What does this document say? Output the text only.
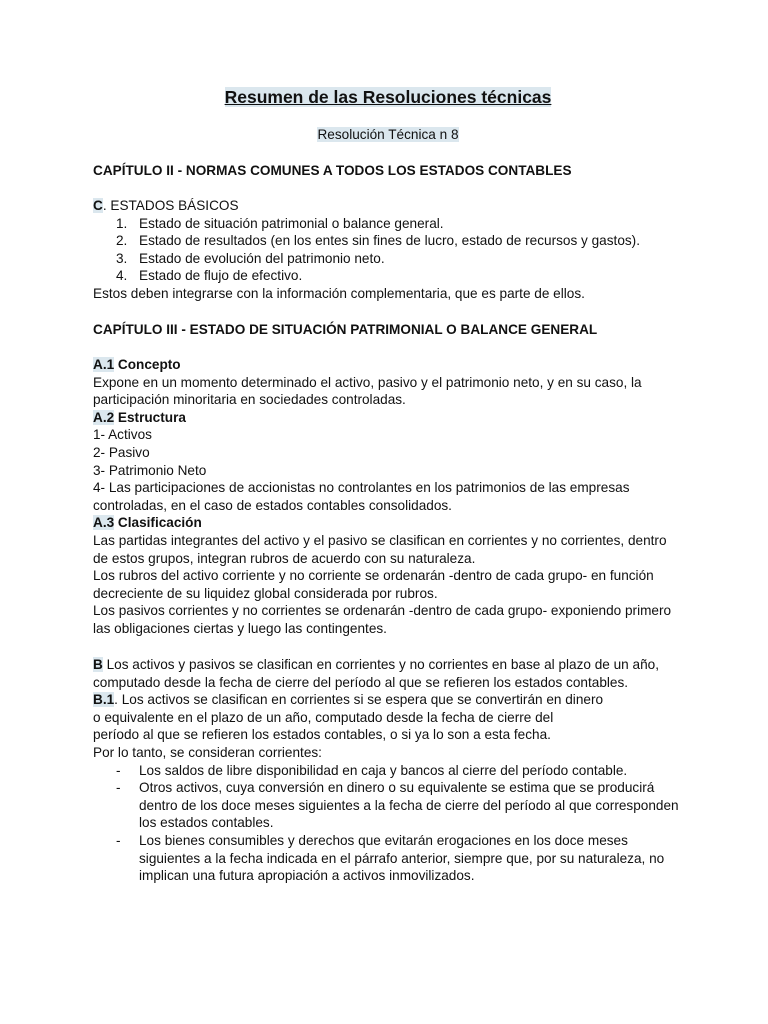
Resumen de las Resoluciones técnicas
Resolución Técnica n 8

CAPÍTULO II - NORMAS COMUNES A TODOS LOS ESTADOS CONTABLES

C. ESTADOS BÁSICOS

1. Estado de situación patrimonial o balance general.
2. Estado de resultados (en los entes sin fines de lucro, estado de recursos y gastos).
3. Estado de evolución del patrimonio neto.
4. Estado de flujo de efectivo.

Estos deben integrarse con la información complementaria, que es parte de ellos.

CAPÍTULO III - ESTADO DE SITUACIÓN PATRIMONIAL O BALANCE GENERAL

A.1 Concepto

Expone en un momento determinado el activo, pasivo y el patrimonio neto, y en su caso, la participación minoritaria en sociedades controladas.

A.2 Estructura

1- Activos

2- Pasivo

3- Patrimonio Neto

4- Las participaciones de accionistas no controlantes en los patrimonios de las empresas controladas, en el caso de estados contables consolidados.

A.3 Clasificación

Las partidas integrantes del activo y el pasivo se clasifican en corrientes y no corrientes, dentro de estos grupos, integran rubros de acuerdo con su naturaleza.

Los rubros del activo corriente y no corriente se ordenarán -dentro de cada grupo- en función decreciente de su liquidez global considerada por rubros.

Los pasivos corrientes y no corrientes se ordenarán -dentro de cada grupo- exponiendo primero las obligaciones ciertas y luego las contingentes.

B Los activos y pasivos se clasifican en corrientes y no corrientes en base al plazo de un año, computado desde la fecha de cierre del período al que se refieren los estados contables.

B.1. Los activos se clasifican en corrientes si se espera que se convertirán en dinero

o equivalente en el plazo de un año, computado desde la fecha de cierre del

período al que se refieren los estados contables, o si ya lo son a esta fecha.

Por lo tanto, se consideran corrientes:

- Los saldos de libre disponibilidad en caja y bancos al cierre del período contable.
- Otros activos, cuya conversión en dinero o su equivalente se estima que se producirá dentro de los doce meses siguientes a la fecha de cierre del período al que corresponden los estados contables.
- Los bienes consumibles y derechos que evitarán erogaciones en los doce meses siguientes a la fecha indicada en el párrafo anterior, siempre que, por su naturaleza, no implican una futura apropiación a activos inmovilizados.
